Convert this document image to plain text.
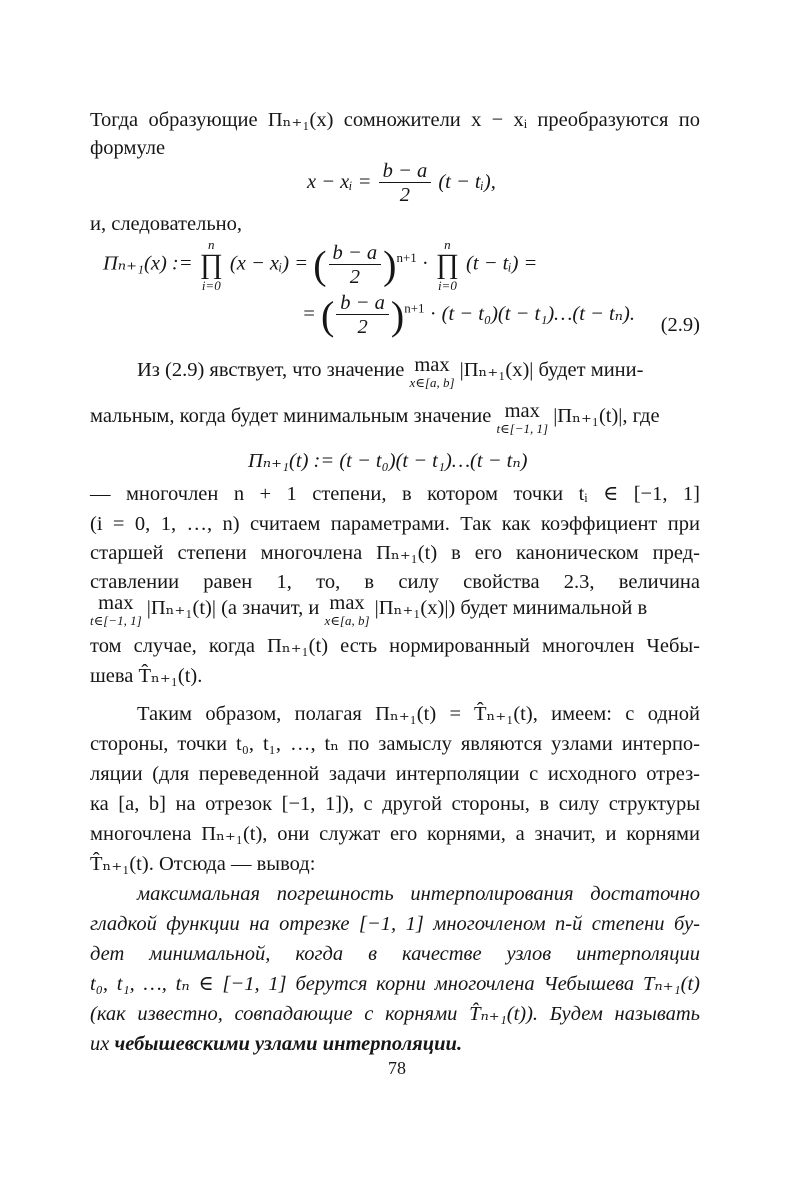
Тогда образующие Πₙ₊₁(x) сомножители x − xᵢ преобразуются по
формуле
x − xᵢ = $\frac{b - a}{2} (t$ − tᵢ),
и, следовательно,
Πₙ₊₁(x) :=
n
∏
i=0
(x − xᵢ) = ( $\frac{b - a}{2} )^{n+1}$ ·
n
∏
i=0
(t − tᵢ) =
= ( $\frac{b - a}{2} )^{n+1} \cdot (t - t_0)(t$ − t₁)…(t − tₙ). (2.9)
Из (2.9) явствует, что значение max
x∈[a, b]
|Πₙ₊₁(x)| будет мини-
мальным, когда будет минимальным значение max
t∈[−1, 1]
|Πₙ₊₁(t)|, где
Πₙ₊₁(t) := (t − t₀)(t − t₁)…(t − tₙ)
— многочлен n + 1 степени, в котором точки tᵢ ∈ [−1, 1]
(i = 0, 1, …, n) считаем параметрами. Так как коэффициент при
старшей степени многочлена Πₙ₊₁(t) в его каноническом пред-
ставлении равен 1, то, в силу свойства 2.3, величина
max
t∈[−1, 1]
|Πₙ₊₁(t)| (а значит, и max
x∈[a, b]
|Πₙ₊₁(x)|) будет минимальной в
том случае, когда Πₙ₊₁(t) есть нормированный многочлен Чебы-
шева T̂ₙ₊₁(t).
Таким образом, полагая Πₙ₊₁(t) = T̂ₙ₊₁(t), имеем: с одной
стороны, точки t₀, t₁, …, tₙ по замыслу являются узлами интерпо-
ляции (для переведенной задачи интерполяции с исходного отрез-
ка [a, b] на отрезок [−1, 1]), с другой стороны, в силу структуры
многочлена Πₙ₊₁(t), они служат его корнями, а значит, и корнями
T̂ₙ₊₁(t). Отсюда — вывод:
максимальная погрешность интерполирования достаточно
гладкой функции на отрезке [−1, 1] многочленом n-й степени бу-
дет минимальной, когда в качестве узлов интерполяции
t₀, t₁, …, tₙ ∈ [−1, 1] берутся корни многочлена Чебышева Tₙ₊₁(t)
(как известно, совпадающие с корнями T̂ₙ₊₁(t)). Будем называть
их чебышевскими узлами интерполяции.
78
